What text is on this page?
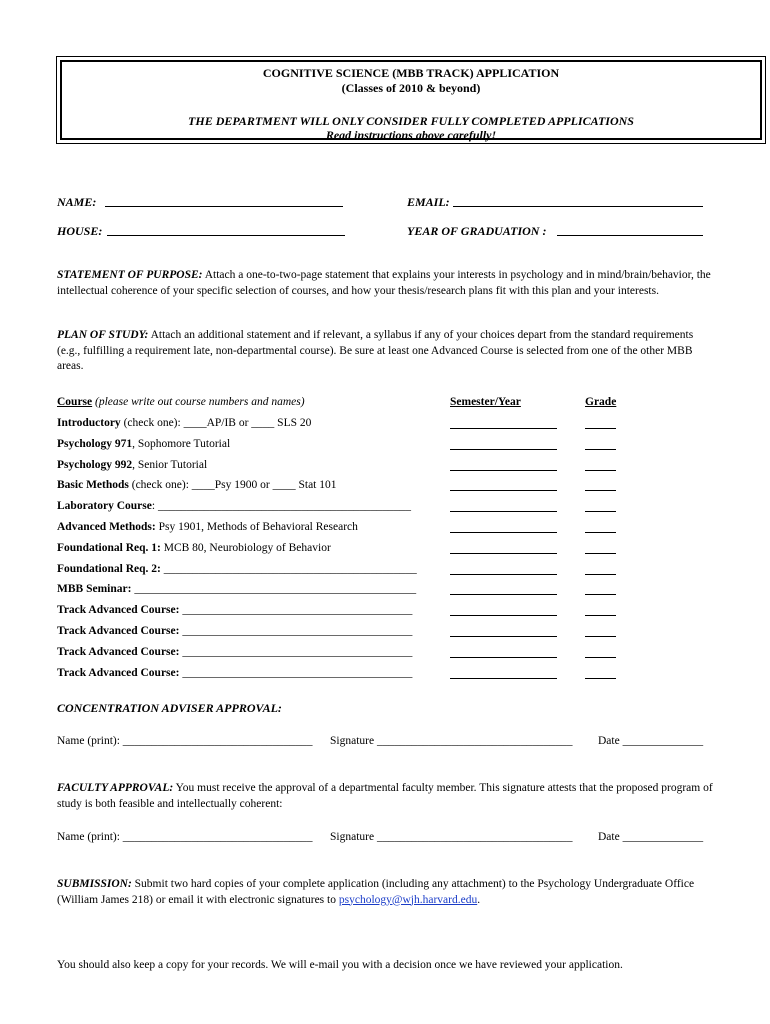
COGNITIVE SCIENCE (MBB TRACK) APPLICATION
(Classes of 2010 & beyond)
THE DEPARTMENT WILL ONLY CONSIDER FULLY COMPLETED APPLICATIONS
Read instructions above carefully!
NAME:	EMAIL:
HOUSE:	YEAR OF GRADUATION :
STATEMENT OF PURPOSE: Attach a one-to-two-page statement that explains your interests in psychology and in mind/brain/behavior, the intellectual coherence of your specific selection of courses, and how your thesis/research plans fit with this plan and your interests.
PLAN OF STUDY: Attach an additional statement and if relevant, a syllabus if any of your choices depart from the standard requirements (e.g., fulfilling a requirement late, non-departmental course). Be sure at least one Advanced Course is selected from one of the other MBB areas.
Course (please write out course numbers and names)	Semester/Year	Grade
Introductory (check one): ____AP/IB or ____ SLS 20
Psychology 971, Sophomore Tutorial
Psychology 992, Senior Tutorial
Basic Methods (check one): ____Psy 1900 or ____ Stat 101
Laboratory Course: ____________________________________________
Advanced Methods: Psy 1901, Methods of Behavioral Research
Foundational Req. 1: MCB 80, Neurobiology of Behavior
Foundational Req. 2: ____________________________________________
MBB Seminar: _________________________________________________
Track Advanced Course: ________________________________________
Track Advanced Course: ________________________________________
Track Advanced Course: ________________________________________
Track Advanced Course: ________________________________________
CONCENTRATION ADVISER APPROVAL:
Name (print): _________________________________ Signature __________________________________ Date ______________
FACULTY APPROVAL: You must receive the approval of a departmental faculty member. This signature attests that the proposed program of study is both feasible and intellectually coherent:
Name (print): _________________________________ Signature __________________________________ Date ______________
SUBMISSION: Submit two hard copies of your complete application (including any attachment) to the Psychology Undergraduate Office (William James 218) or email it with electronic signatures to psychology@wjh.harvard.edu.
You should also keep a copy for your records. We will e-mail you with a decision once we have reviewed your application.
